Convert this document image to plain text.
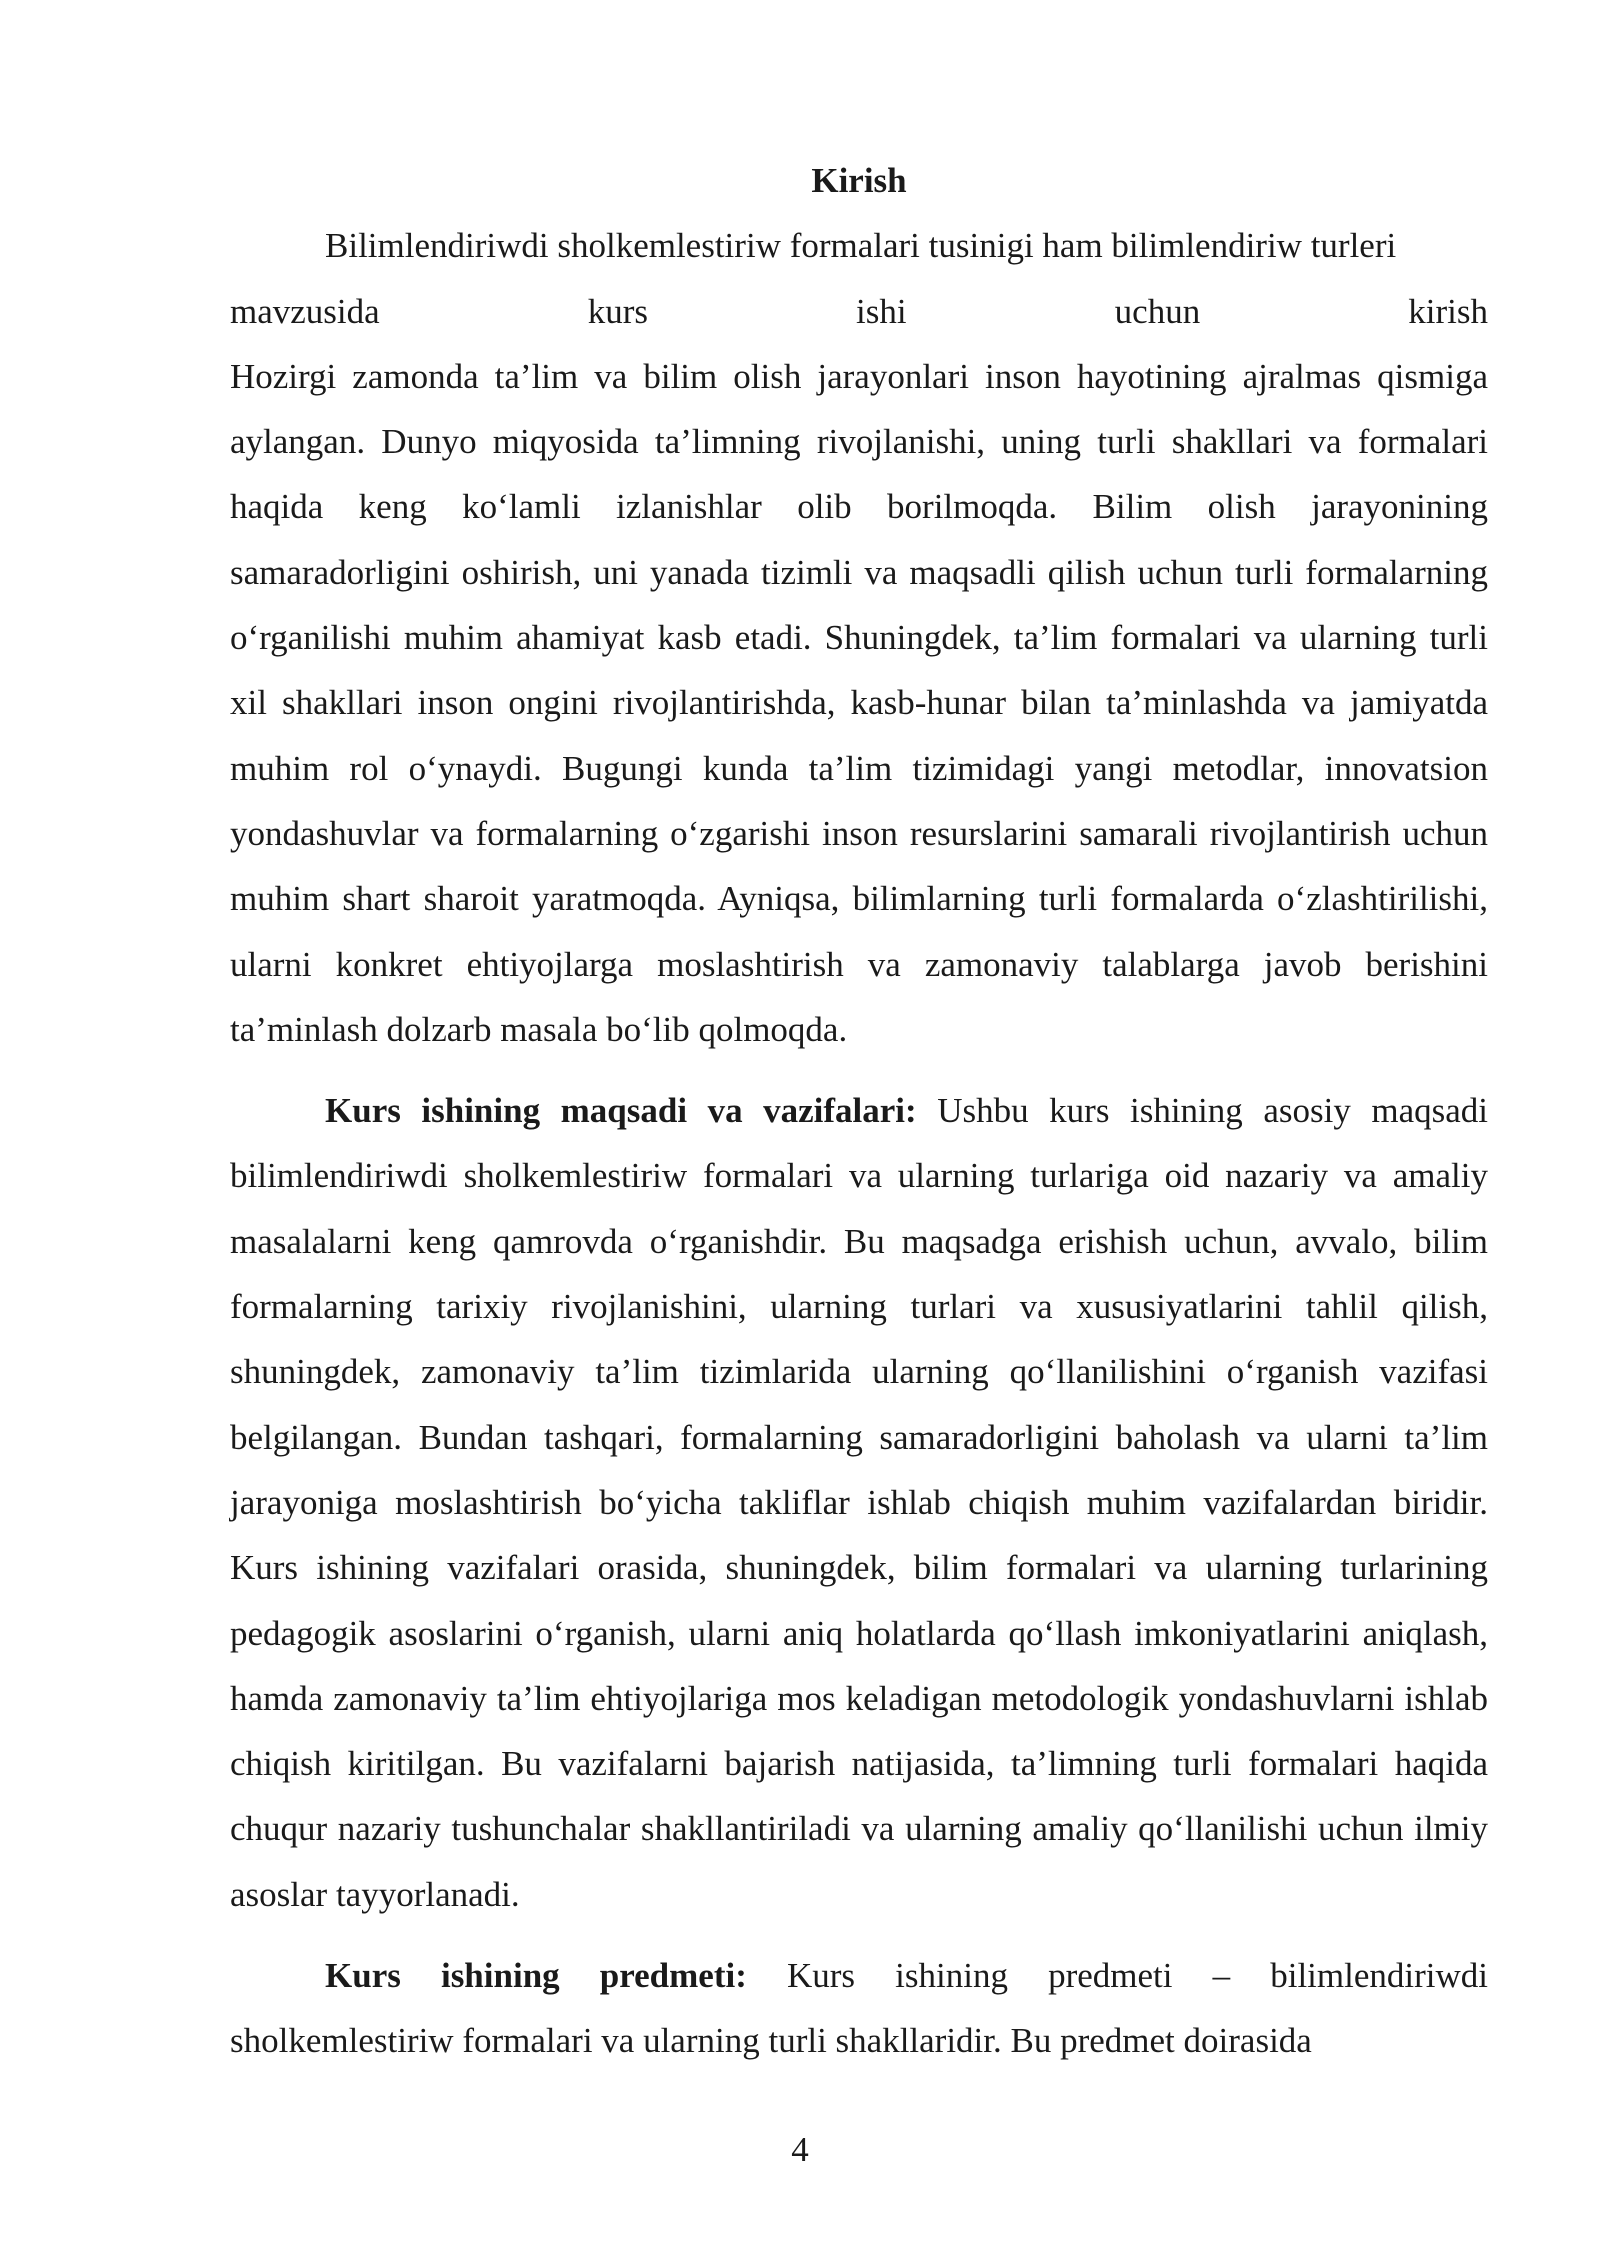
Kirish

Bilimlendiriwdi sholkemlestiriw formalari tusinigi ham bilimlendiriw turleri

mavzusida kurs ishi uchun kirish
Hozirgi zamonda ta’lim va bilim olish jarayonlari inson hayotining ajralmas qismiga aylangan. Dunyo miqyosida ta’limning rivojlanishi, uning turli shakllari va formalari haqida keng ko‘lamli izlanishlar olib borilmoqda. Bilim olish jarayonining samaradorligini oshirish, uni yanada tizimli va maqsadli qilish uchun turli formalarning o‘rganilishi muhim ahamiyat kasb etadi. Shuningdek, ta’lim formalari va ularning turli xil shakllari inson ongini rivojlantirishda, kasb-hunar bilan ta’minlashda va jamiyatda muhim rol o‘ynaydi. Bugungi kunda ta’lim tizimidagi yangi metodlar, innovatsion yondashuvlar va formalarning o‘zgarishi inson resurslarini samarali rivojlantirish uchun muhim shart sharoit yaratmoqda. Ayniqsa, bilimlarning turli formalarda o‘zlashtirilishi, ularni konkret ehtiyojlarga moslashtirish va zamonaviy talablarga javob berishini ta’minlash dolzarb masala bo‘lib qolmoqda.

Kurs ishining maqsadi va vazifalari: Ushbu kurs ishining asosiy maqsadi bilimlendiriwdi sholkemlestiriw formalari va ularning turlariga oid nazariy va amaliy masalalarni keng qamrovda o‘rganishdir. Bu maqsadga erishish uchun, avvalo, bilim formalarning tarixiy rivojlanishini, ularning turlari va xususiyatlarini tahlil qilish, shuningdek, zamonaviy ta’lim tizimlarida ularning qo‘llanilishini o‘rganish vazifasi belgilangan. Bundan tashqari, formalarning samaradorligini baholash va ularni ta’lim jarayoniga moslashtirish bo‘yicha takliflar ishlab chiqish muhim vazifalardan biridir. Kurs ishining vazifalari orasida, shuningdek, bilim formalari va ularning turlarining pedagogik asoslarini o‘rganish, ularni aniq holatlarda qo‘llash imkoniyatlarini aniqlash, hamda zamonaviy ta’lim ehtiyojlariga mos keladigan metodologik yondashuvlarni ishlab chiqish kiritilgan. Bu vazifalarni bajarish natijasida, ta’limning turli formalari haqida chuqur nazariy tushunchalar shakllantiriladi va ularning amaliy qo‘llanilishi uchun ilmiy asoslar tayyorlanadi.

Kurs ishining predmeti: Kurs ishining predmeti – bilimlendiriwdi sholkemlestiriw formalari va ularning turli shakllaridir. Bu predmet doirasida

4
